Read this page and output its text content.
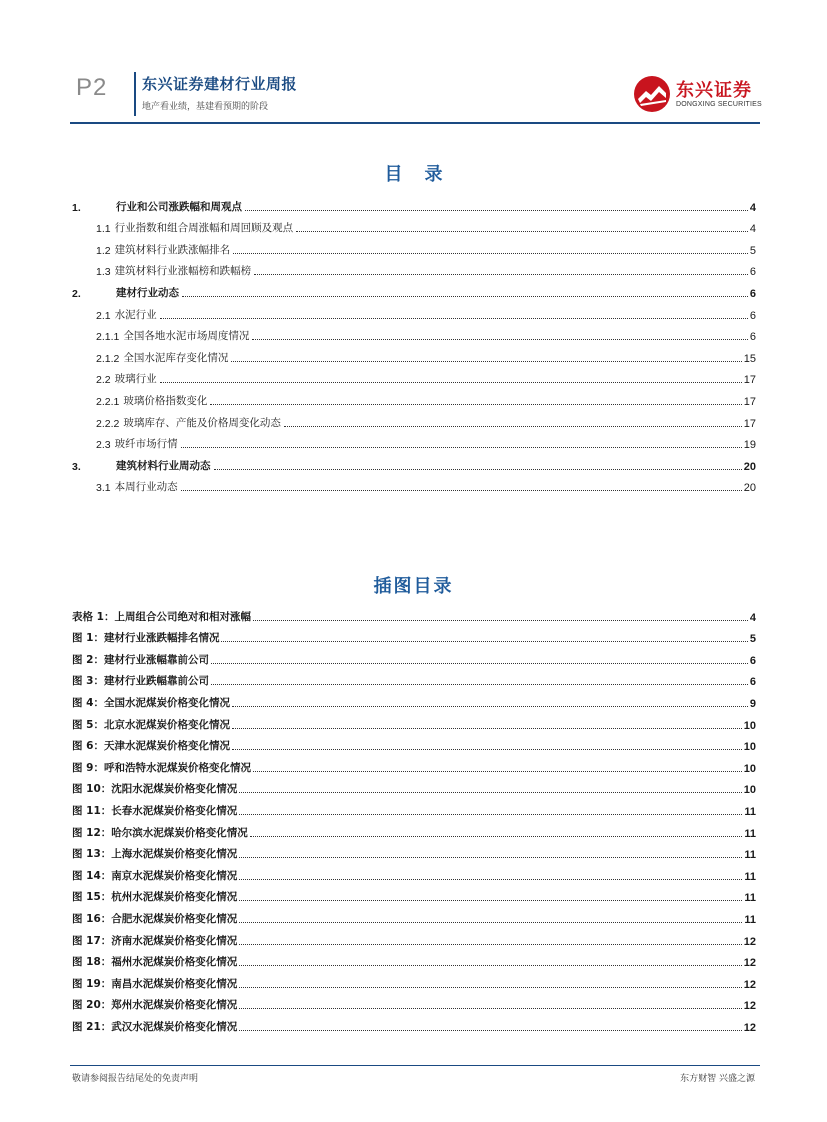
P2 东兴证券建材行业周报
地产看业绩，基建看预期的阶段
东兴证券
DONGXING SECURITIES
目录
1.	行业和公司涨跌幅和周观点	4
1.1 行业指数和组合周涨幅和周回顾及观点	4
1.2 建筑材料行业跌涨幅排名	5
1.3 建筑材料行业涨幅榜和跌幅榜	6
2.	建材行业动态	6
2.1 水泥行业	6
2.1.1 全国各地水泥市场周度情况	6
2.1.2 全国水泥库存变化情况	15
2.2 玻璃行业	17
2.2.1 玻璃价格指数变化	17
2.2.2 玻璃库存、产能及价格周变化动态	17
2.3 玻纤市场行情	19
3.	建筑材料行业周动态	20
3.1 本周行业动态	20
插图目录
表格 1： 上周组合公司绝对和相对涨幅	4
图 1： 建材行业涨跌幅排名情况	5
图 2： 建材行业涨幅靠前公司	6
图 3： 建材行业跌幅靠前公司	6
图 4： 全国水泥煤炭价格变化情况	9
图 5： 北京水泥煤炭价格变化情况	10
图 6： 天津水泥煤炭价格变化情况	10
图 9： 呼和浩特水泥煤炭价格变化情况	10
图 10： 沈阳水泥煤炭价格变化情况	10
图 11： 长春水泥煤炭价格变化情况	11
图 12： 哈尔滨水泥煤炭价格变化情况	11
图 13： 上海水泥煤炭价格变化情况	11
图 14： 南京水泥煤炭价格变化情况	11
图 15： 杭州水泥煤炭价格变化情况	11
图 16： 合肥水泥煤炭价格变化情况	11
图 17： 济南水泥煤炭价格变化情况	12
图 18： 福州水泥煤炭价格变化情况	12
图 19： 南昌水泥煤炭价格变化情况	12
图 20： 郑州水泥煤炭价格变化情况	12
图 21： 武汉水泥煤炭价格变化情况	12
敬请参阅报告结尾处的免责声明	东方财智 兴盛之源
